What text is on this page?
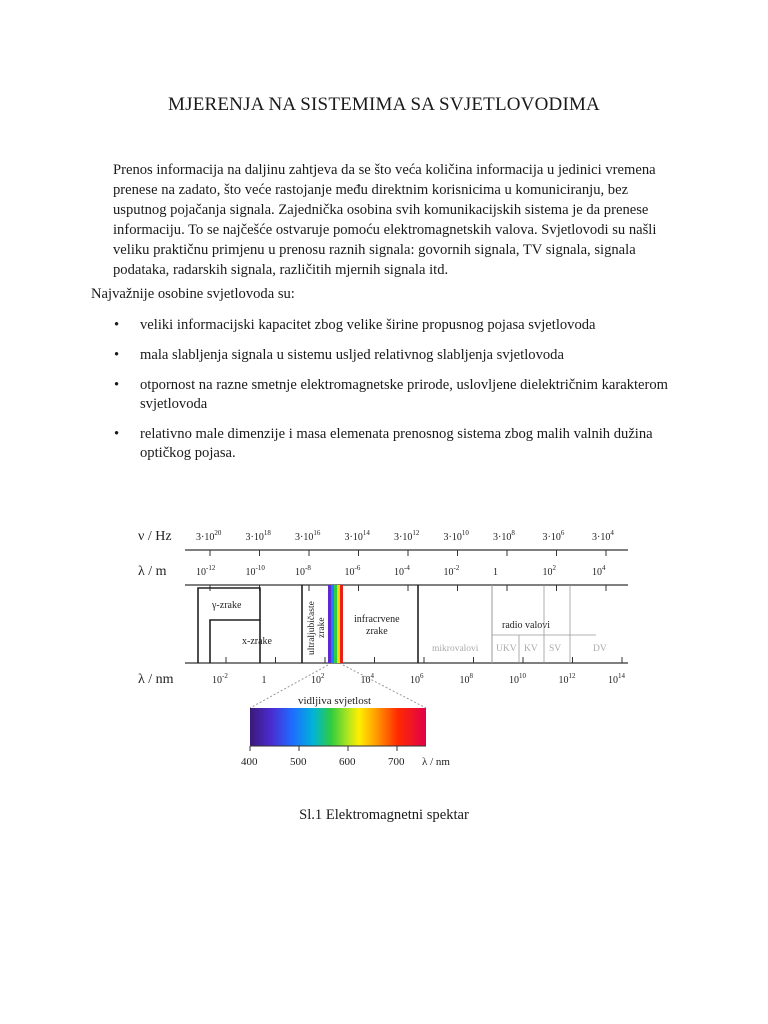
MJERENJA NA SISTEMIMA SA SVJETLOVODIMA

Prenos informacija na daljinu zahtjeva da se što veća količina informacija u jedinici vremena prenese na zadato, što veće rastojanje među direktnim korisnicima u komuniciranju, bez usputnog pojačanja signala. Zajednička osobina svih komunikacijskih sistema je da prenese informaciju. To se najčešće ostvaruje pomoću elektromagnetskih valova. Svjetlovodi su našli veliku praktičnu primjenu u prenosu raznih signala: govornih signala, TV signala, signala podataka, radarskih signala, različitih mjernih signala itd.

Najvažnije osobine svjetlovoda su:

•	veliki informacijski kapacitet zbog velike širine propusnog pojasa svjetlovoda
•	mala slabljenja signala u sistemu usljed relativnog slabljenja svjetlovoda
•	otpornost na razne smetnje elektromagnetske prirode, uslovljene dielektričnim karakterom svjetlovoda
•	relativno male dimenzije i masa elemenata prenosnog sistema zbog malih valnih dužina optičkog pojasa.
ν / Hz
λ / m
λ / nm
$3\cdot 10^{20}$ $3\cdot 10^{18}$ $3\cdot 10^{16}$ $3\cdot 10^{14}$ $3\cdot 10^{12}$ $3\cdot 10^{10}$ $3\cdot 10^8$	$3\cdot 10^6$	$3\cdot 10^4$
$10^{-12}$	$10^{-10}$	$10^{-8}$	$10^{-6}$	$10^{-4}$	$10^{-2}$	1	$10^2$	$10^4$
$10^{-2}$	1	$10^2$	$10^4$	$10^6$	$10^8$	$10^{10}$	$10^{12}$	$10^{14}$
γ-zrake
x-zrake	ultraljubičaste zrake	infracrvene
zrake
mikrovalovi
radio valovi
UKV KV SV	DV
vidljiva svjetlost
400	500	600	700 λ / nm
Sl.1 Elektromagnetni spektar
